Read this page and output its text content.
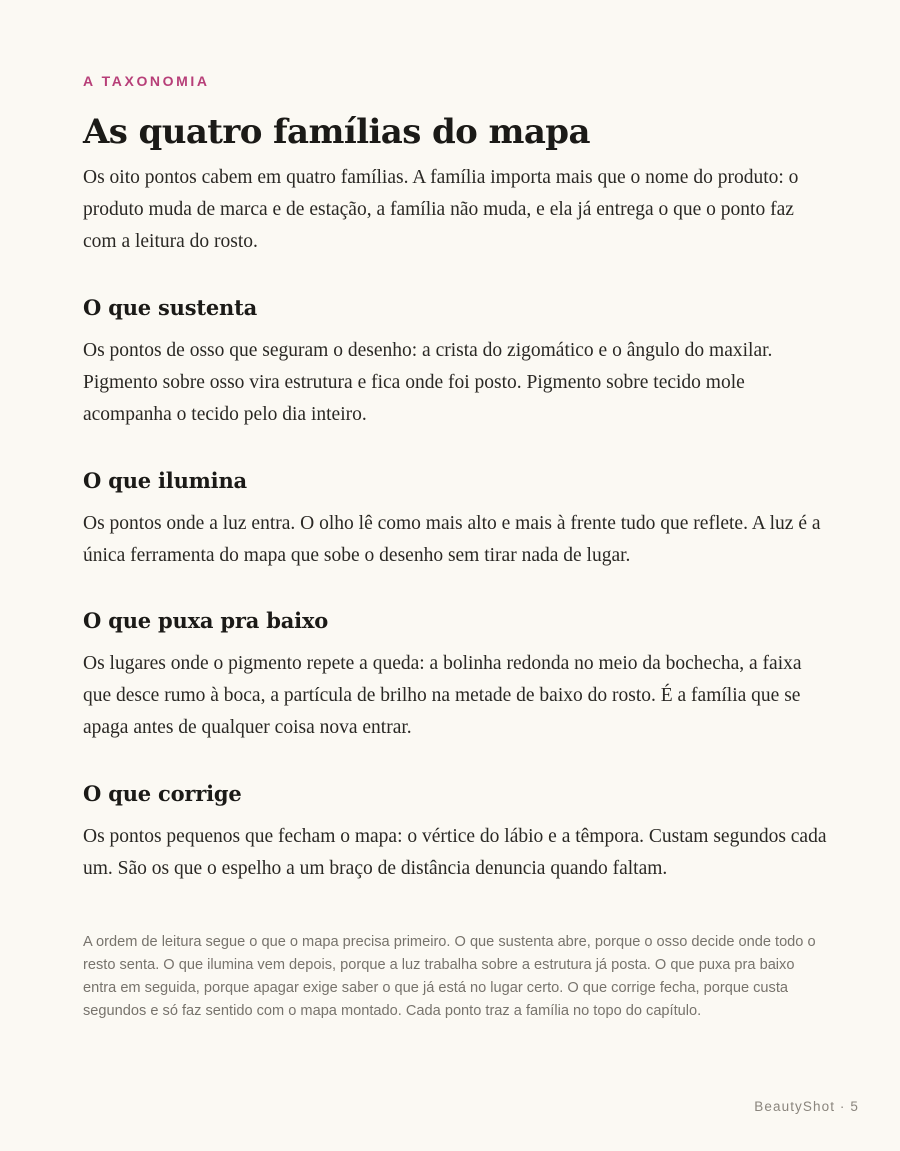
A TAXONOMIA

As quatro famílias do mapa

Os oito pontos cabem em quatro famílias. A família importa mais que o nome do produto: o produto muda de marca e de estação, a família não muda, e ela já entrega o que o ponto faz com a leitura do rosto.

O que sustenta

Os pontos de osso que seguram o desenho: a crista do zigomático e o ângulo do maxilar. Pigmento sobre osso vira estrutura e fica onde foi posto. Pigmento sobre tecido mole acompanha o tecido pelo dia inteiro.

O que ilumina

Os pontos onde a luz entra. O olho lê como mais alto e mais à frente tudo que reflete. A luz é a única ferramenta do mapa que sobe o desenho sem tirar nada de lugar.

O que puxa pra baixo

Os lugares onde o pigmento repete a queda: a bolinha redonda no meio da bochecha, a faixa que desce rumo à boca, a partícula de brilho na metade de baixo do rosto. É a família que se apaga antes de qualquer coisa nova entrar.

O que corrige

Os pontos pequenos que fecham o mapa: o vértice do lábio e a têmpora. Custam segundos cada um. São os que o espelho a um braço de distância denuncia quando faltam.

A ordem de leitura segue o que o mapa precisa primeiro. O que sustenta abre, porque o osso decide onde todo o resto senta. O que ilumina vem depois, porque a luz trabalha sobre a estrutura já posta. O que puxa pra baixo entra em seguida, porque apagar exige saber o que já está no lugar certo. O que corrige fecha, porque custa segundos e só faz sentido com o mapa montado. Cada ponto traz a família no topo do capítulo.

BeautyShot · 5
